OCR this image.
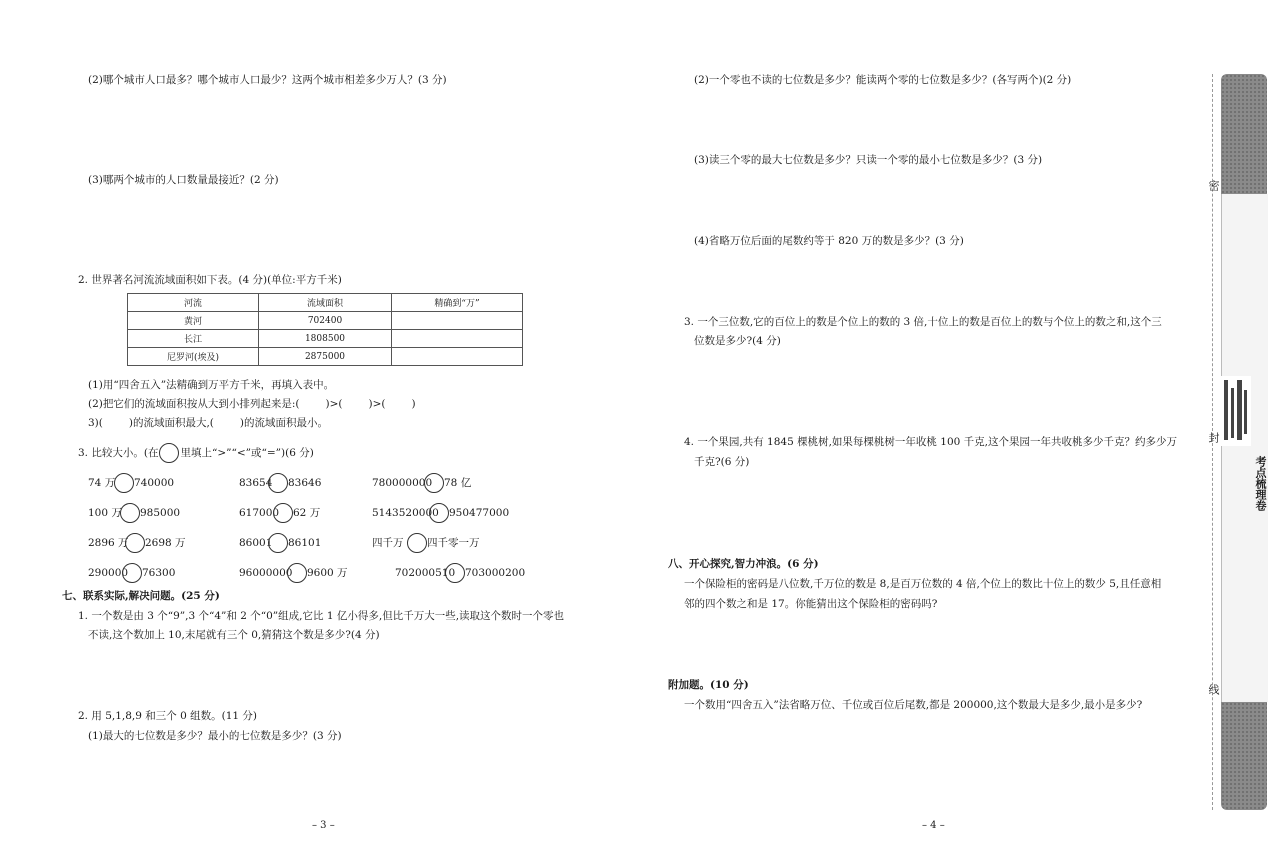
(2)哪个城市人口最多？哪个城市人口最少？这两个城市相差多少万人？(3 分)
(3)哪两个城市的人口数量最接近？(2 分)
2. 世界著名河流流域面积如下表。(4 分)(单位:平方千米)
河流	流域面积	精确到“万”
黄河	702400	
长江	1808500	
尼罗河(埃及)	2875000	
(1)用“四舍五入”法精确到万平方千米，再填入表中。
(2)把它们的流域面积按从大到小排列起来是:( )>( )>( )
3)( )的流域面积最大,( )的流域面积最小。
3. 比较大小。(在 里填上“>”“<”或“=”)(6 分)
74 万 740000	83654 83646	780000000 78 亿
100 万 985000	617000 62 万	5143520000 950477000
2896 万 2698 万	86001 86101	四千万 四千零一万
290000 76300	96000000 9600 万	702000510 703000200
七、联系实际,解决问题。(25 分)
1. 一个数是由 3 个“9”,3 个“4”和 2 个“0”组成,它比 1 亿小得多,但比千万大一些,读取这个数时一个零也
不读,这个数加上 10,末尾就有三个 0,猜猜这个数是多少?(4 分)
2. 用 5,1,8,9 和三个 0 组数。(11 分)
(1)最大的七位数是多少？最小的七位数是多少？(3 分)
– 3 –
(2)一个零也不读的七位数是多少？能读两个零的七位数是多少？(各写两个)(2 分)
(3)读三个零的最大七位数是多少？只读一个零的最小七位数是多少？(3 分)
(4)省略万位后面的尾数约等于 820 万的数是多少？(3 分)
3. 一个三位数,它的百位上的数是个位上的数的 3 倍,十位上的数是百位上的数与个位上的数之和,这个三
位数是多少?(4 分)
4. 一个果园,共有 1845 棵桃树,如果每棵桃树一年收桃 100 千克,这个果园一年共收桃多少千克？约多少万
千克?(6 分)
八、开心探究,智力冲浪。(6 分)
一个保险柜的密码是八位数,千万位的数是 8,是百万位数的 4 倍,个位上的数比十位上的数少 5,且任意相
邻的四个数之和是 17。你能猜出这个保险柜的密码吗?
附加题。(10 分)
一个数用“四舍五入”法省略万位、千位或百位后尾数,都是 200000,这个数最大是多少,最小是多少?
– 4 –
密
封
线
考点梳理卷
